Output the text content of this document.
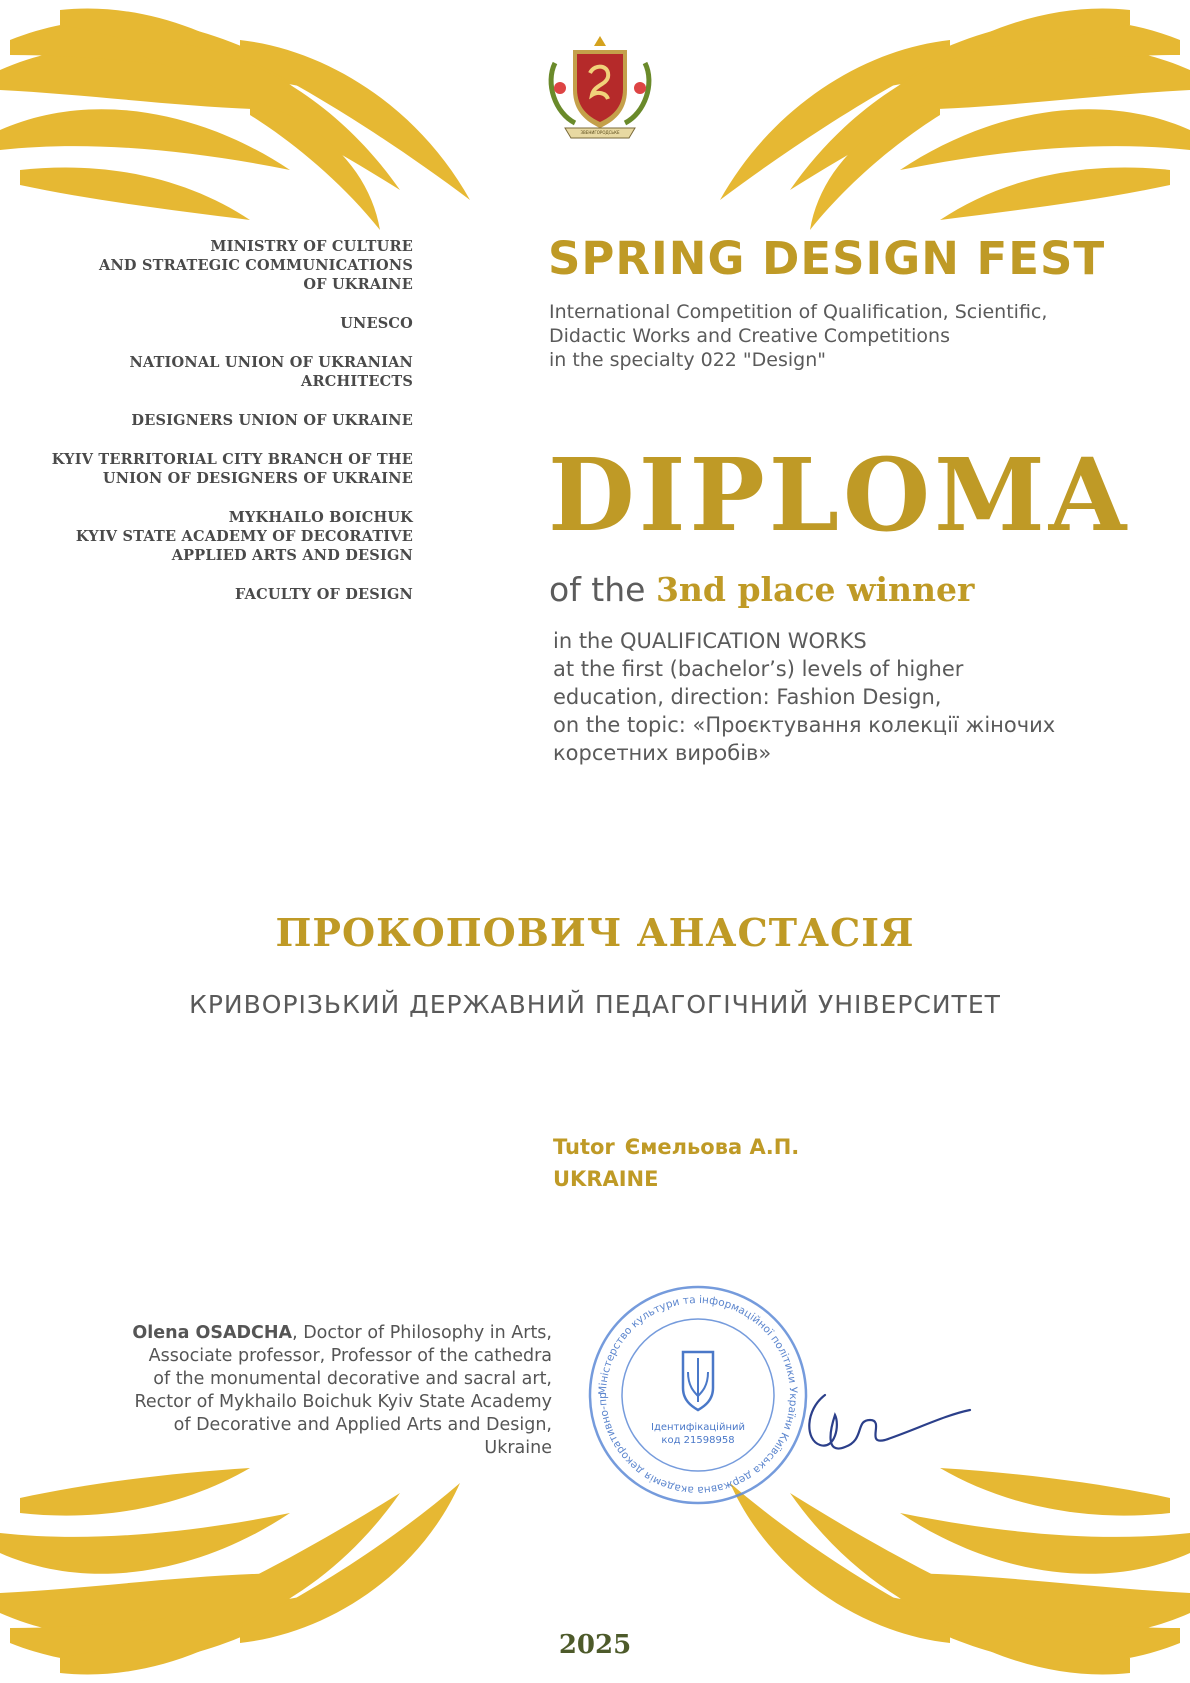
ЗВЕНИГОРОДСЬКЕ
MINISTRY OF CULTURE
AND STRATEGIC COMMUNICATIONS
OF UKRAINE
UNESCO
NATIONAL UNION OF UKRANIAN
ARCHITECTS
DESIGNERS UNION OF UKRAINE
KYIV TERRITORIAL CITY BRANCH OF THE
UNION OF DESIGNERS OF UKRAINE
MYKHAILO BOICHUK
KYIV STATE ACADEMY OF DECORATIVE
APPLIED ARTS AND DESIGN
FACULTY OF DESIGN
SPRING DESIGN FEST
International Competition of Qualification, Scientific,
Didactic Works and Creative Competitions
in the specialty 022 "Design"
DIPLOMA
of the 3nd place winner
in the QUALIFICATION WORKS
at the first (bachelor’s) levels of higher
education, direction: Fashion Design,
on the topic: «Проєктування колекції жіночих
корсетних виробів»
ПРОКОПОВИЧ АНАСТАСІЯ
КРИВОРІЗЬКИЙ ДЕРЖАВНИЙ ПЕДАГОГІЧНИЙ УНІВЕРСИТЕТ
Tutor Ємельова А.П.
UKRAINE
Olena OSADCHA, Doctor of Philosophy in Arts,
Associate professor, Professor of the cathedra
of the monumental decorative and sacral art,
Rector of Mykhailo Boichuk Kyiv State Academy
of Decorative and Applied Arts and Design,
Ukraine
Міністерство культури та інформаційної політики України Київська державна академія декоративно-пр
Ідентифікаційний
код 21598958
2025
